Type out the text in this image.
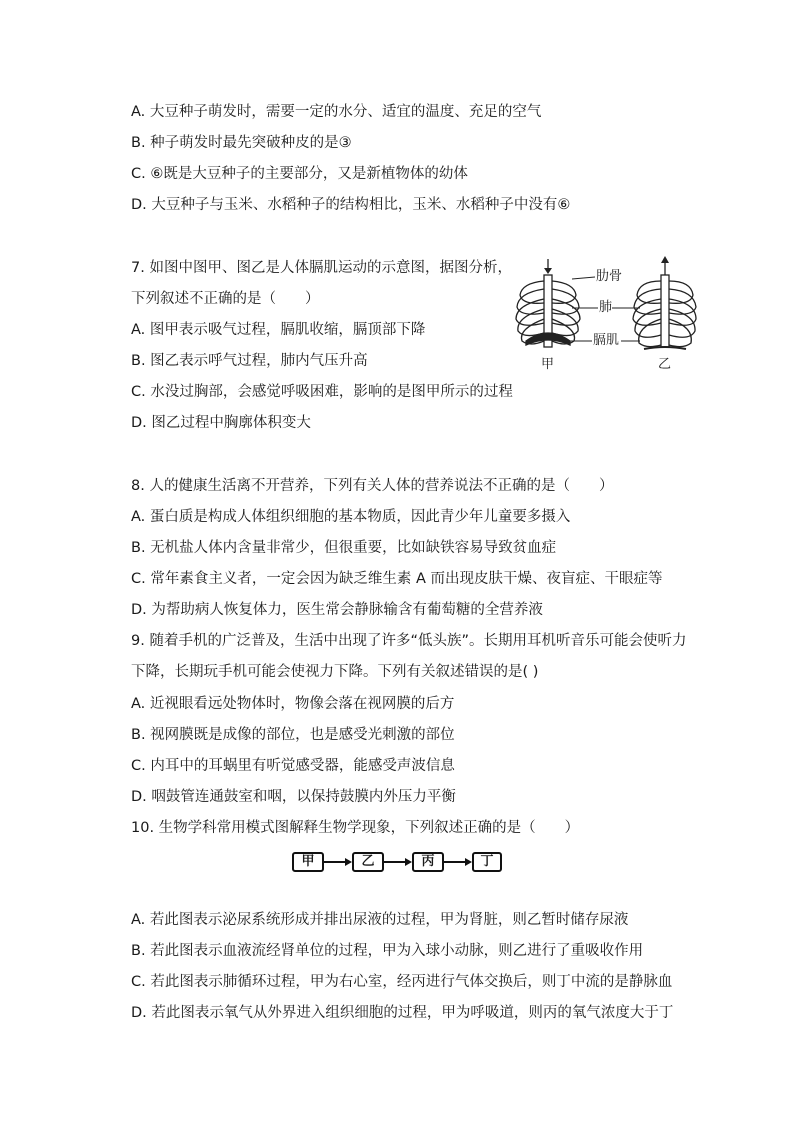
A. 大豆种子萌发时，需要一定的水分、适宜的温度、充足的空气
B. 种子萌发时最先突破种皮的是③
C. ⑥既是大豆种子的主要部分，又是新植物体的幼体
D. 大豆种子与玉米、水稻种子的结构相比，玉米、水稻种子中没有⑥
7. 如图中图甲、图乙是人体膈肌运动的示意图，据图分析，
下列叙述不正确的是（　　）
A. 图甲表示吸气过程，膈肌收缩，膈顶部下降
B. 图乙表示呼气过程，肺内气压升高
C. 水没过胸部，会感觉呼吸困难，影响的是图甲所示的过程
D. 图乙过程中胸廓体积变大
肋骨
肺
膈肌
甲	乙
8. 人的健康生活离不开营养，下列有关人体的营养说法不正确的是（　　）
A. 蛋白质是构成人体组织细胞的基本物质，因此青少年儿童要多摄入
B. 无机盐人体内含量非常少，但很重要，比如缺铁容易导致贫血症
C. 常年素食主义者，一定会因为缺乏维生素 A 而出现皮肤干燥、夜盲症、干眼症等
D. 为帮助病人恢复体力，医生常会静脉输含有葡萄糖的全营养液
9. 随着手机的广泛普及，生活中出现了许多“低头族”。长期用耳机听音乐可能会使听力
下降，长期玩手机可能会使视力下降。下列有关叙述错误的是( )
A. 近视眼看远处物体时，物像会落在视网膜的后方
B. 视网膜既是成像的部位，也是感受光刺激的部位
C. 内耳中的耳蜗里有听觉感受器，能感受声波信息
D. 咽鼓管连通鼓室和咽，以保持鼓膜内外压力平衡
10. 生物学科常用模式图解释生物学现象，下列叙述正确的是（　　）
甲	乙	丙	丁
A. 若此图表示泌尿系统形成并排出尿液的过程，甲为肾脏，则乙暂时储存尿液
B. 若此图表示血液流经肾单位的过程，甲为入球小动脉，则乙进行了重吸收作用
C. 若此图表示肺循环过程，甲为右心室，经丙进行气体交换后，则丁中流的是静脉血
D. 若此图表示氧气从外界进入组织细胞的过程，甲为呼吸道，则丙的氧气浓度大于丁
